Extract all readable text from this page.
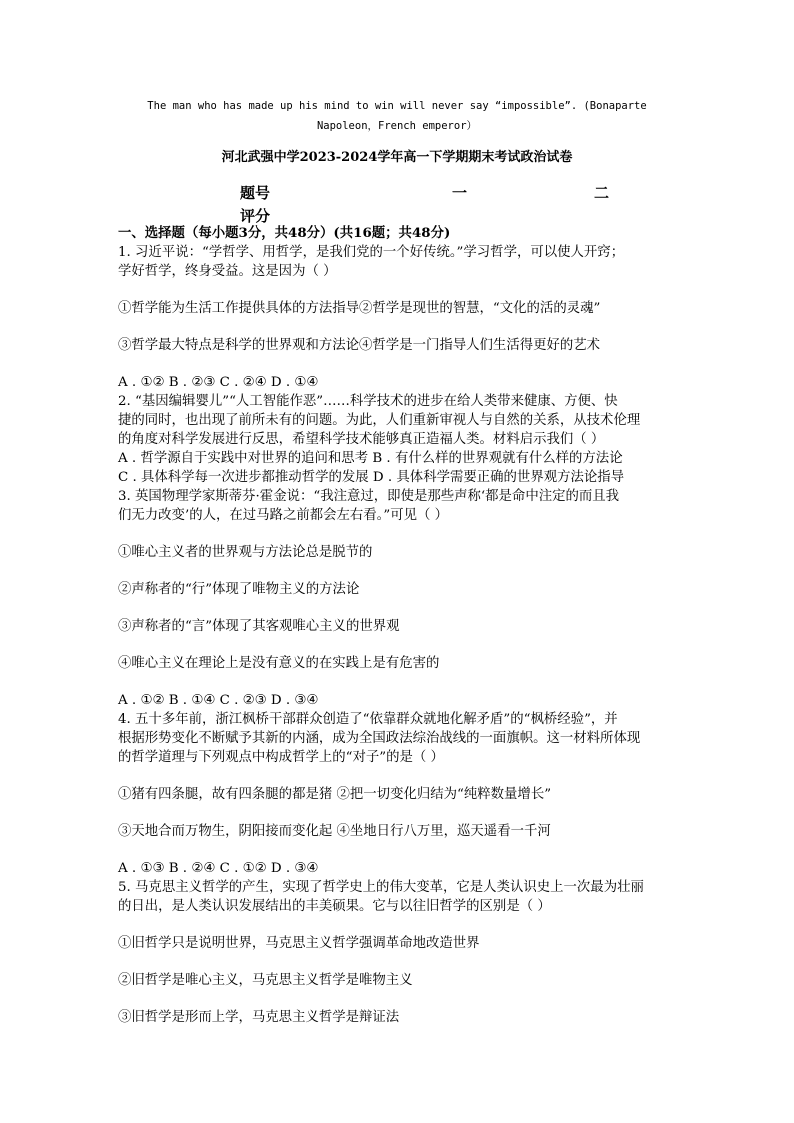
The man who has made up his mind to win will never say “impossible”. (Bonaparte
Napoleon，French emperor）
河北武强中学2023-2024学年高一下学期期末考试政治试卷
题号
评分
一	二

一、选择题（每小题3分，共48分）(共16题；共48分)

1. 习近平说：“学哲学、用哲学，是我们党的一个好传统。”学习哲学，可以使人开窍；

学好哲学，终身受益。这是因为（ ）

①哲学能为生活工作提供具体的方法指导②哲学是现世的智慧，“文化的活的灵魂”

③哲学最大特点是科学的世界观和方法论④哲学是一门指导人们生活得更好的艺术

A . ①② B . ②③ C . ②④ D . ①④

2. “基因编辑婴儿”“人工智能作恶”……科学技术的进步在给人类带来健康、方便、快

捷的同时，也出现了前所未有的问题。为此，人们重新审视人与自然的关系，从技术伦理

的角度对科学发展进行反思，希望科学技术能够真正造福人类。材料启示我们（ ）

A . 哲学源自于实践中对世界的追问和思考 B . 有什么样的世界观就有什么样的方法论

C . 具体科学每一次进步都推动哲学的发展 D . 具体科学需要正确的世界观方法论指导

3. 英国物理学家斯蒂芬·霍金说：“我注意过，即使是那些声称‘都是命中注定的而且我

们无力改变’的人，在过马路之前都会左右看。”可见（ ）

①唯心主义者的世界观与方法论总是脱节的

②声称者的“行”体现了唯物主义的方法论

③声称者的“言”体现了其客观唯心主义的世界观

④唯心主义在理论上是没有意义的在实践上是有危害的

A . ①② B . ①④ C . ②③ D . ③④

4. 五十多年前，浙江枫桥干部群众创造了“依靠群众就地化解矛盾”的“枫桥经验”，并

根据形势变化不断赋予其新的内涵，成为全国政法综治战线的一面旗帜。这一材料所体现

的哲学道理与下列观点中构成哲学上的“对子”的是（ ）

①猪有四条腿，故有四条腿的都是猪 ②把一切变化归结为“纯粹数量增长”

③天地合而万物生，阴阳接而变化起 ④坐地日行八万里，巡天遥看一千河

A . ①③ B . ②④ C . ①② D . ③④

5. 马克思主义哲学的产生，实现了哲学史上的伟大变革，它是人类认识史上一次最为壮丽

的日出，是人类认识发展结出的丰美硕果。它与以往旧哲学的区别是（ ）

①旧哲学只是说明世界，马克思主义哲学强调革命地改造世界

②旧哲学是唯心主义，马克思主义哲学是唯物主义

③旧哲学是形而上学，马克思主义哲学是辩证法
